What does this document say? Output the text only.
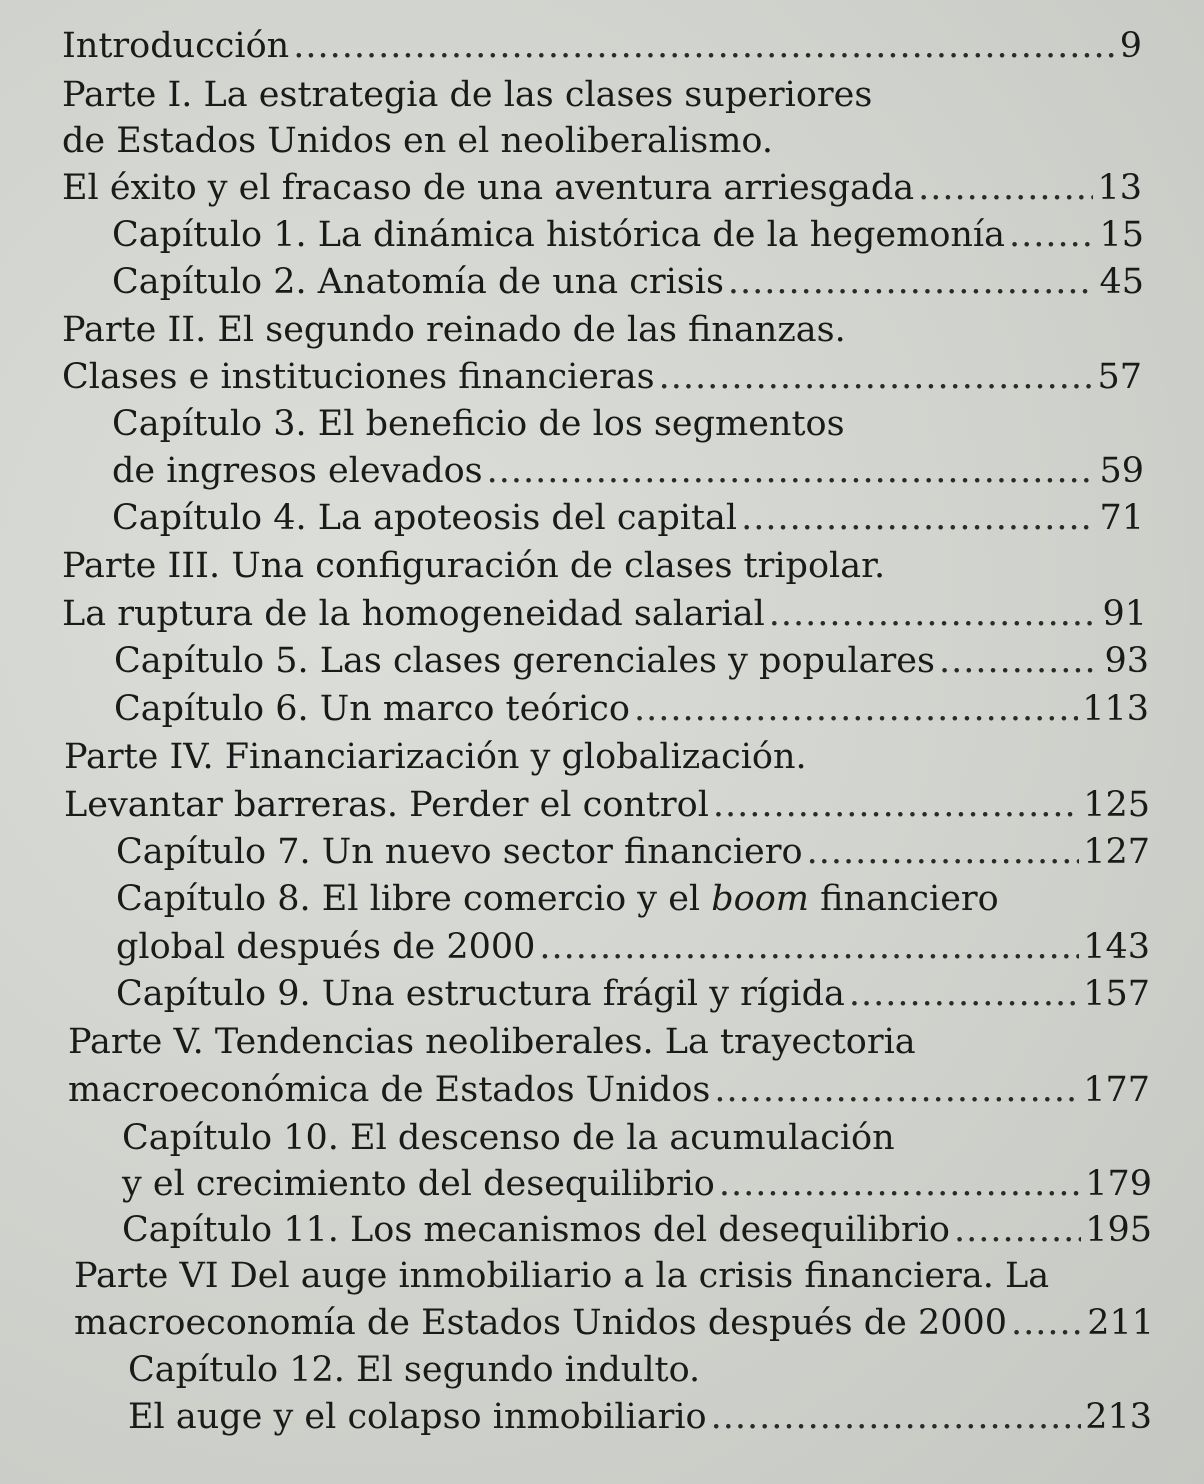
Introducción .....	9
Parte I. La estrategia de las clases superiores
de Estados Unidos en el neoliberalismo.
El éxito y el fracaso de una aventura arriesgada .....	13
Capítulo 1. La dinámica histórica de la hegemonía .....	15
Capítulo 2. Anatomía de una crisis .....	45
Parte II. El segundo reinado de las finanzas.
Clases e instituciones financieras .....	57
Capítulo 3. El beneficio de los segmentos
de ingresos elevados .....	59
Capítulo 4. La apoteosis del capital .....	71
Parte III. Una configuración de clases tripolar.
La ruptura de la homogeneidad salarial .....	91
Capítulo 5. Las clases gerenciales y populares .....	93
Capítulo 6. Un marco teórico .....	113
Parte IV. Financiarización y globalización.
Levantar barreras. Perder el control .....	125
Capítulo 7. Un nuevo sector financiero .....	127
Capítulo 8. El libre comercio y el boom financiero
global después de 2000 .....	143
Capítulo 9. Una estructura frágil y rígida .....	157
Parte V. Tendencias neoliberales. La trayectoria
macroeconómica de Estados Unidos .....	177
Capítulo 10. El descenso de la acumulación
y el crecimiento del desequilibrio .....	179
Capítulo 11. Los mecanismos del desequilibrio .....	195
Parte VI Del auge inmobiliario a la crisis financiera. La
macroeconomía de Estados Unidos después de 2000 ..... 211
Capítulo 12. El segundo indulto.
El auge y el colapso inmobiliario .....	213
